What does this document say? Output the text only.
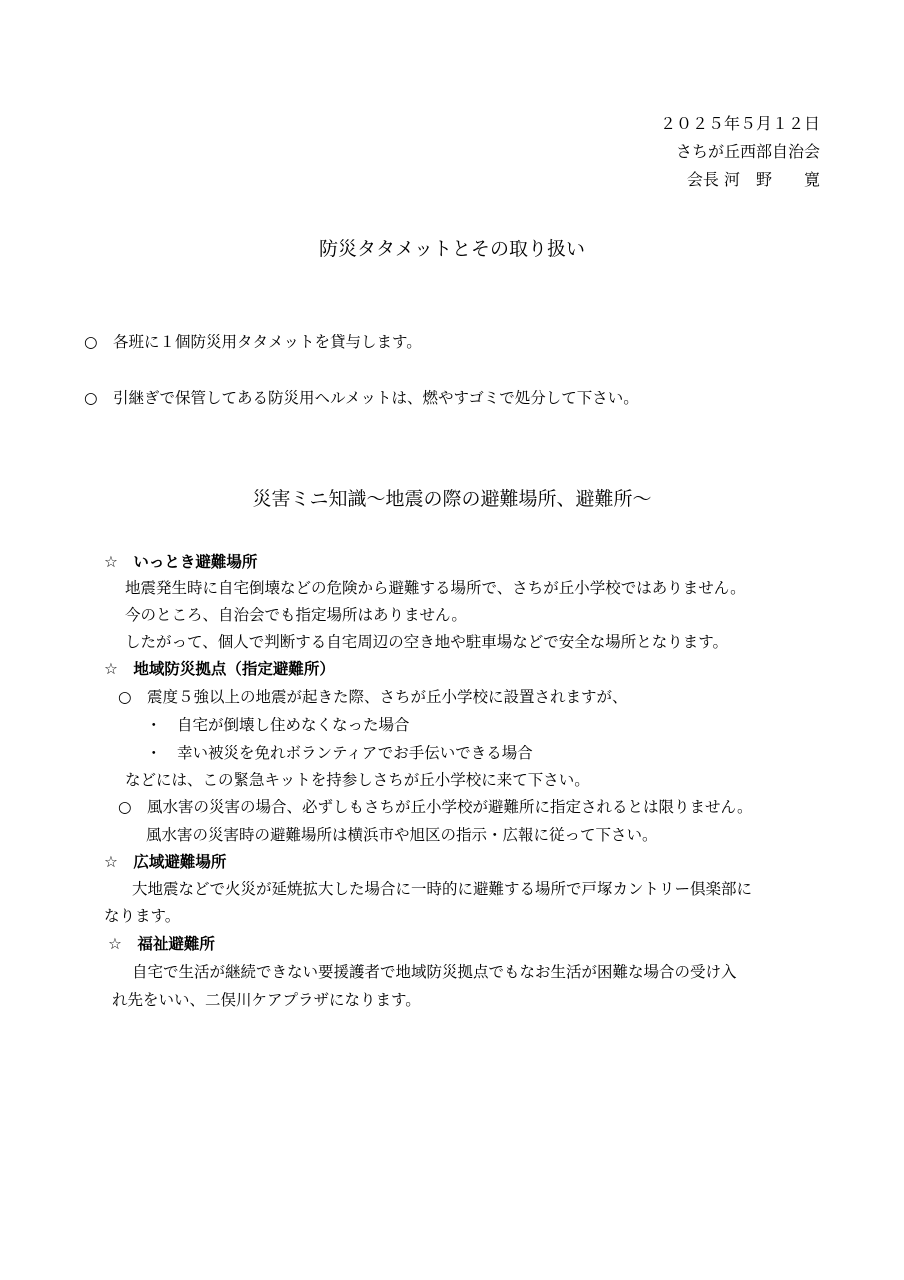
２０２５年５月１２日
さちが丘西部自治会
会長 河　野　　寛
防災タタメットとその取り扱い
○　各班に１個防災用タタメットを貸与します。
○　引継ぎで保管してある防災用ヘルメットは、燃やすゴミで処分して下さい。
災害ミニ知識～地震の際の避難場所、避難所～
☆　いっとき避難場所
地震発生時に自宅倒壊などの危険から避難する場所で、さちが丘小学校ではありません。
今のところ、自治会でも指定場所はありません。
したがって、個人で判断する自宅周辺の空き地や駐車場などで安全な場所となります。
☆　地域防災拠点（指定避難所）
○　震度５強以上の地震が起きた際、さちが丘小学校に設置されますが、
・　自宅が倒壊し住めなくなった場合
・　幸い被災を免れボランティアでお手伝いできる場合
などには、この緊急キットを持参しさちが丘小学校に来て下さい。
○　風水害の災害の場合、必ずしもさちが丘小学校が避難所に指定されるとは限りません。
風水害の災害時の避難場所は横浜市や旭区の指示・広報に従って下さい。
☆　広域避難場所
大地震などで火災が延焼拡大した場合に一時的に避難する場所で戸塚カントリー倶楽部に
なります。
☆　福祉避難所
自宅で生活が継続できない要援護者で地域防災拠点でもなお生活が困難な場合の受け入
れ先をいい、二俣川ケアプラザになります。
